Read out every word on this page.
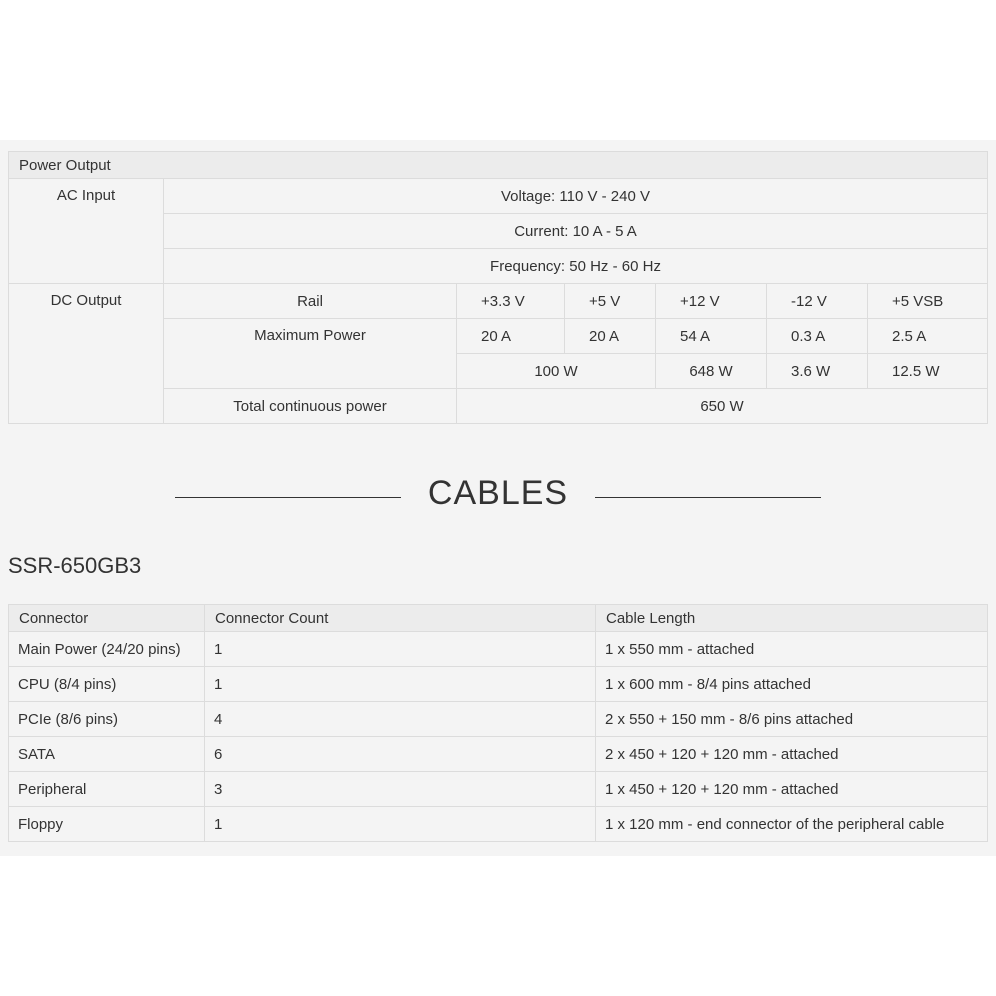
Power Output						
AC Input	Voltage: 110 V - 240 V					
	Current: 10 A - 5 A					
	Frequency: 50 Hz - 60 Hz					
DC Output	Rail	+3.3 V	+5 V	+12 V	-12 V	+5 VSB
	Maximum Power	20 A	20 A	54 A	0.3 A	2.5 A
		100 W		648 W	3.6 W	12.5 W
	Total continuous power	650 W				
CABLES
SSR-650GB3
Connector	Connector Count	Cable Length
Main Power (24/20 pins)	1	1 x 550 mm - attached
CPU (8/4 pins)	1	1 x 600 mm - 8/4 pins attached
PCIe (8/6 pins)	4	2 x 550 + 150 mm - 8/6 pins attached
SATA	6	2 x 450 + 120 + 120 mm - attached
Peripheral	3	1 x 450 + 120 + 120 mm - attached
Floppy	1	1 x 120 mm - end connector of the peripheral cable
